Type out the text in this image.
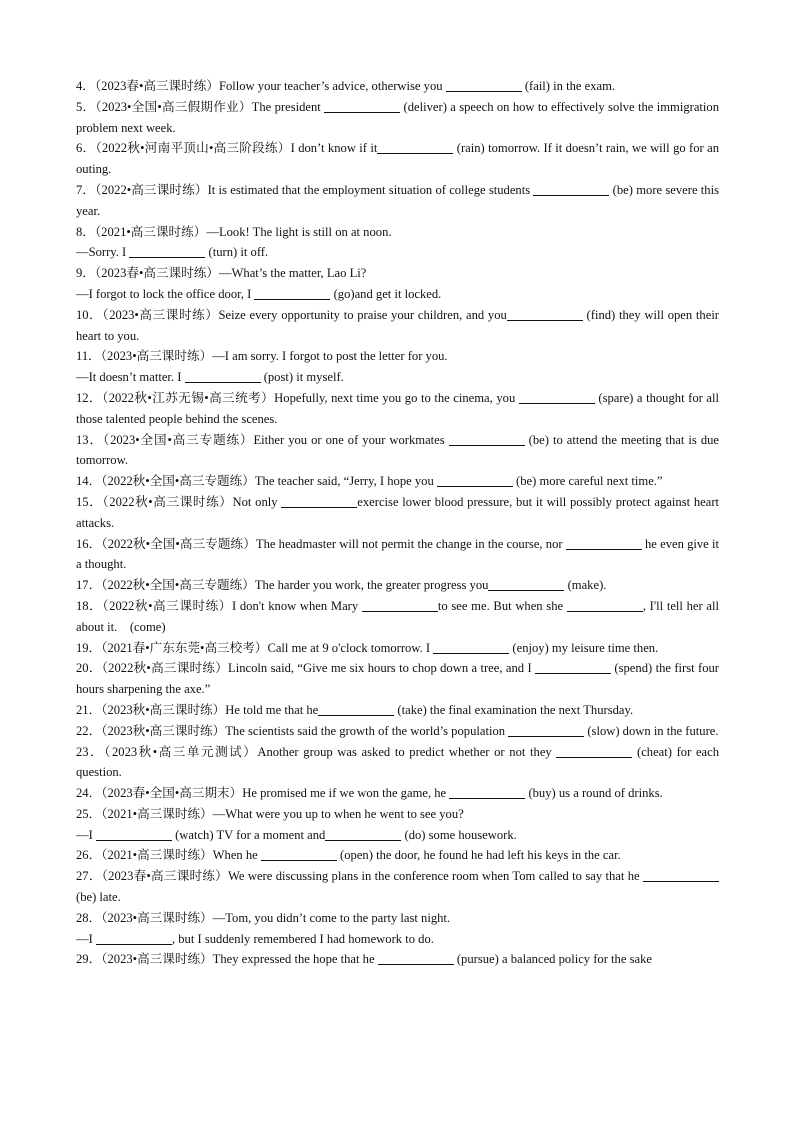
4．（2023春•高三课时练）Follow your teacher’s advice, otherwise you	(fail) in the exam.

5．（2023•全国•高三假期作业）The president	(deliver) a speech on how to effectively solve the immigration problem next week.

6．（2022秋•河南平顶山•高三阶段练）I don’t know if it	(rain) tomorrow. If it doesn’t rain, we will go for an outing.

7．（2022•高三课时练）It is estimated that the employment situation of college students	(be) more severe this year.

8．（2021•高三课时练）—Look! The light is still on at noon.

—Sorry. I	(turn) it off.

9．（2023春•高三课时练）—What’s the matter, Lao Li?

—I forgot to lock the office door, I	(go)and get it locked.

10．（2023•高三课时练）Seize every opportunity to praise your children, and you	(find) they will open their heart to you.

11．（2023•高三课时练）—I am sorry. I forgot to post the letter for you.

—It doesn’t matter. I	(post) it myself.

12．（2022秋•江苏无锡•高三统考）Hopefully, next time you go to the cinema, you	(spare) a thought for all those talented people behind the scenes.

13．（2023•全国•高三专题练）Either you or one of your workmates	(be) to attend the meeting that is due tomorrow.

14．（2022秋•全国•高三专题练）The teacher said, “Jerry, I hope you	(be) more careful next time.”

15．（2022秋•高三课时练）Not only	exercise lower blood pressure, but it will possibly protect against heart attacks.

16．（2022秋•全国•高三专题练）The headmaster will not permit the change in the course, nor	he even give it a thought.

17．（2022秋•全国•高三专题练）The harder you work, the greater progress you	(make).

18．（2022秋•高三课时练）I don't know when Mary	to see me. But when she	, I'll tell her all about it.　(come)

19．（2021春•广东东莞•高三校考）Call me at 9 o'clock tomorrow. I	(enjoy) my leisure time then.

20．（2022秋•高三课时练）Lincoln said, “Give me six hours to chop down a tree, and I	(spend) the first four hours sharpening the axe.”

21．（2023秋•高三课时练）He told me that he	(take) the final examination the next Thursday.

22．（2023秋•高三课时练）The scientists said the growth of the world’s population	(slow) down in the future.

23．（2023秋•高三单元测试）Another group was asked to predict whether or not they	(cheat) for each question.

24．（2023春•全国•高三期末）He promised me if we won the game, he	(buy) us a round of drinks.

25．（2021•高三课时练）—What were you up to when he went to see you?

—I	(watch) TV for a moment and	(do) some housework.

26．（2021•高三课时练）When he	(open) the door, he found he had left his keys in the car.

27．（2023春•高三课时练）We were discussing plans in the conference room when Tom called to say that he  (be) late.

28．（2023•高三课时练）—Tom, you didn’t come to the party last night.

—I	, but I suddenly remembered I had homework to do.

29．（2023•高三课时练）They expressed the hope that he	(pursue) a balanced policy for the sake
